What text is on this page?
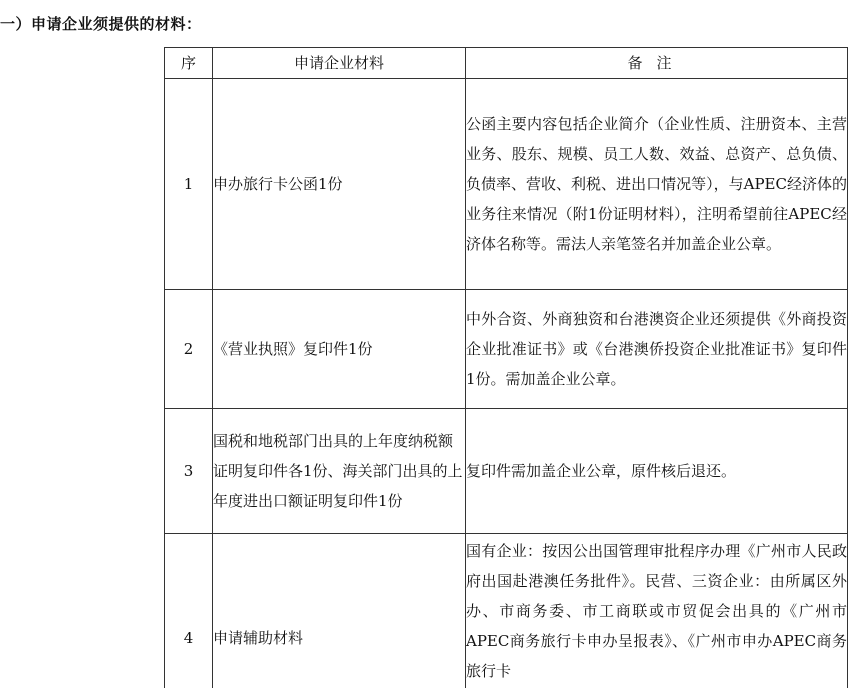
一）申请企业须提供的材料：
序	申请企业材料	备注
1	申办旅行卡公函1份	公函主要内容包括企业简介（企业性质、注册资本、主营业务、股东、规模、员工人数、效益、总资产、总负债、负债率、营收、利税、进出口情况等），与APEC经济体的业务往来情况（附1份证明材料），注明希望前往APEC经济体名称等。需法人亲笔签名并加盖企业公章。
2	《营业执照》复印件1份	中外合资、外商独资和台港澳资企业还须提供《外商投资企业批准证书》或《台港澳侨投资企业批准证书》复印件1份。需加盖企业公章。
3	国税和地税部门出具的上年度纳税额证明复印件各1份、海关部门出具的上年度进出口额证明复印件1份	复印件需加盖企业公章，原件核后退还。
4	申请辅助材料	国有企业：按因公出国管理审批程序办理《广州市人民政府出国赴港澳任务批件》。民营、三资企业：由所属区外办、市商务委、市工商联或市贸促会出具的《广州市APEC商务旅行卡申办呈报表》、《广州市申办APEC商务旅行卡
